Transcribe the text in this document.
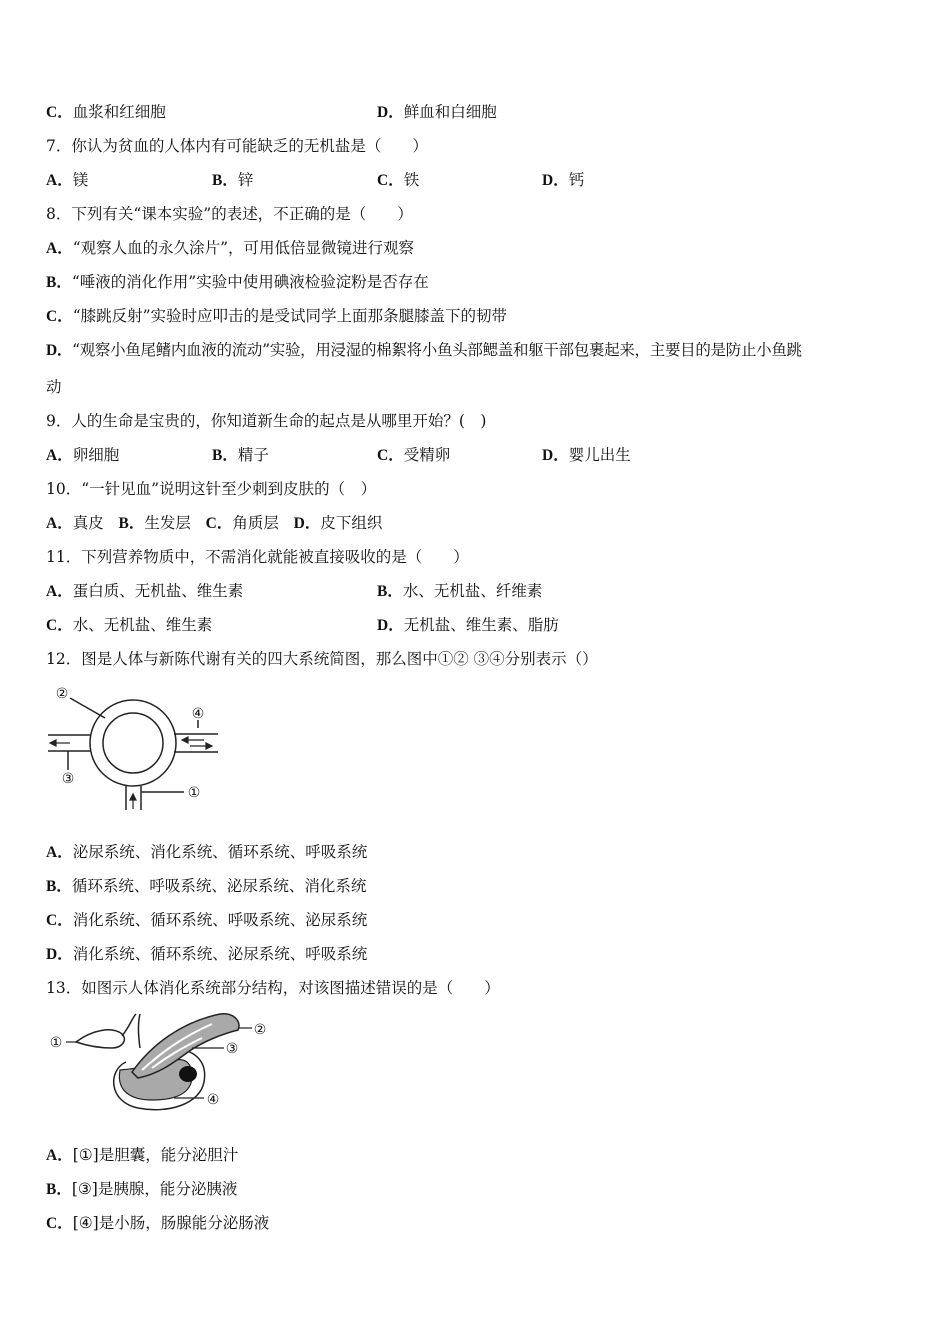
C．血浆和红细胞	D．鲜血和白细胞
7．你认为贫血的人体内有可能缺乏的无机盐是（　　）
A．镁	B．锌	C．铁	D．钙
8．下列有关“课本实验”的表述，不正确的是（　　）
A．“观察人血的永久涂片”，可用低倍显微镜进行观察
B．“唾液的消化作用”实验中使用碘液检验淀粉是否存在
C．“膝跳反射”实验时应叩击的是受试同学上面那条腿膝盖下的韧带
D．“观察小鱼尾鳍内血液的流动”实验，用浸湿的棉絮将小鱼头部鳃盖和躯干部包裹起来，主要目的是防止小鱼跳
动
9．人的生命是宝贵的，你知道新生命的起点是从哪里开始？(　)
A．卵细胞	B．精子	C．受精卵	D．婴儿出生
10．“一针见血”说明这针至少刺到皮肤的（　）
A．真皮 B．生发层 C．角质层 D．皮下组织
11．下列营养物质中，不需消化就能被直接吸收的是（　　）
A．蛋白质、无机盐、维生素	B．水、无机盐、纤维素
C．水、无机盐、维生素	D．无机盐、维生素、脂肪
12．图是人体与新陈代谢有关的四大系统简图，那么图中①② ③④分别表示（）
②
④
③
①
A．泌尿系统、消化系统、循环系统、呼吸系统
B．循环系统、呼吸系统、泌尿系统、消化系统
C．消化系统、循环系统、呼吸系统、泌尿系统
D．消化系统、循环系统、泌尿系统、呼吸系统
13．如图示人体消化系统部分结构，对该图描述错误的是（　　）
①
②
③
④
A．[①]是胆囊，能分泌胆汁
B．[③]是胰腺，能分泌胰液
C．[④]是小肠，肠腺能分泌肠液
